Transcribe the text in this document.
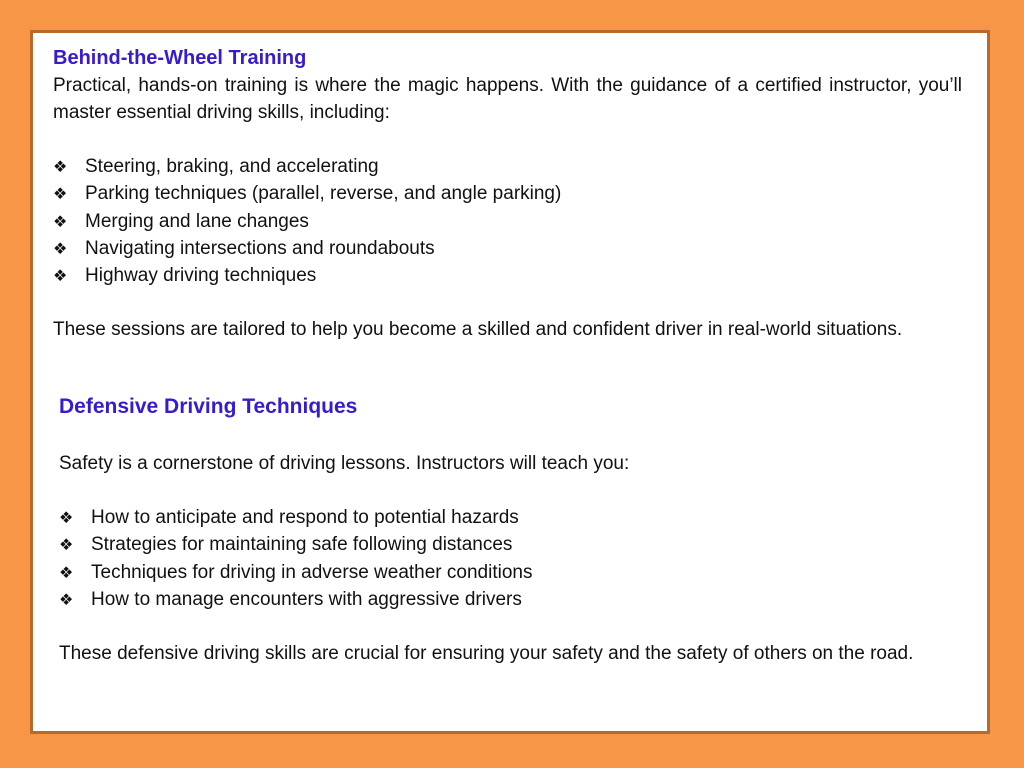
Behind-the-Wheel Training

Practical, hands-on training is where the magic happens. With the guidance of a certified instructor, you’ll master essential driving skills, including:

❖ Steering, braking, and accelerating
❖ Parking techniques (parallel, reverse, and angle parking)
❖ Merging and lane changes
❖ Navigating intersections and roundabouts
❖ Highway driving techniques

These sessions are tailored to help you become a skilled and confident driver in real-world situations.

Defensive Driving Techniques

Safety is a cornerstone of driving lessons. Instructors will teach you:

❖ How to anticipate and respond to potential hazards
❖ Strategies for maintaining safe following distances
❖ Techniques for driving in adverse weather conditions
❖ How to manage encounters with aggressive drivers

These defensive driving skills are crucial for ensuring your safety and the safety of others on the road.
